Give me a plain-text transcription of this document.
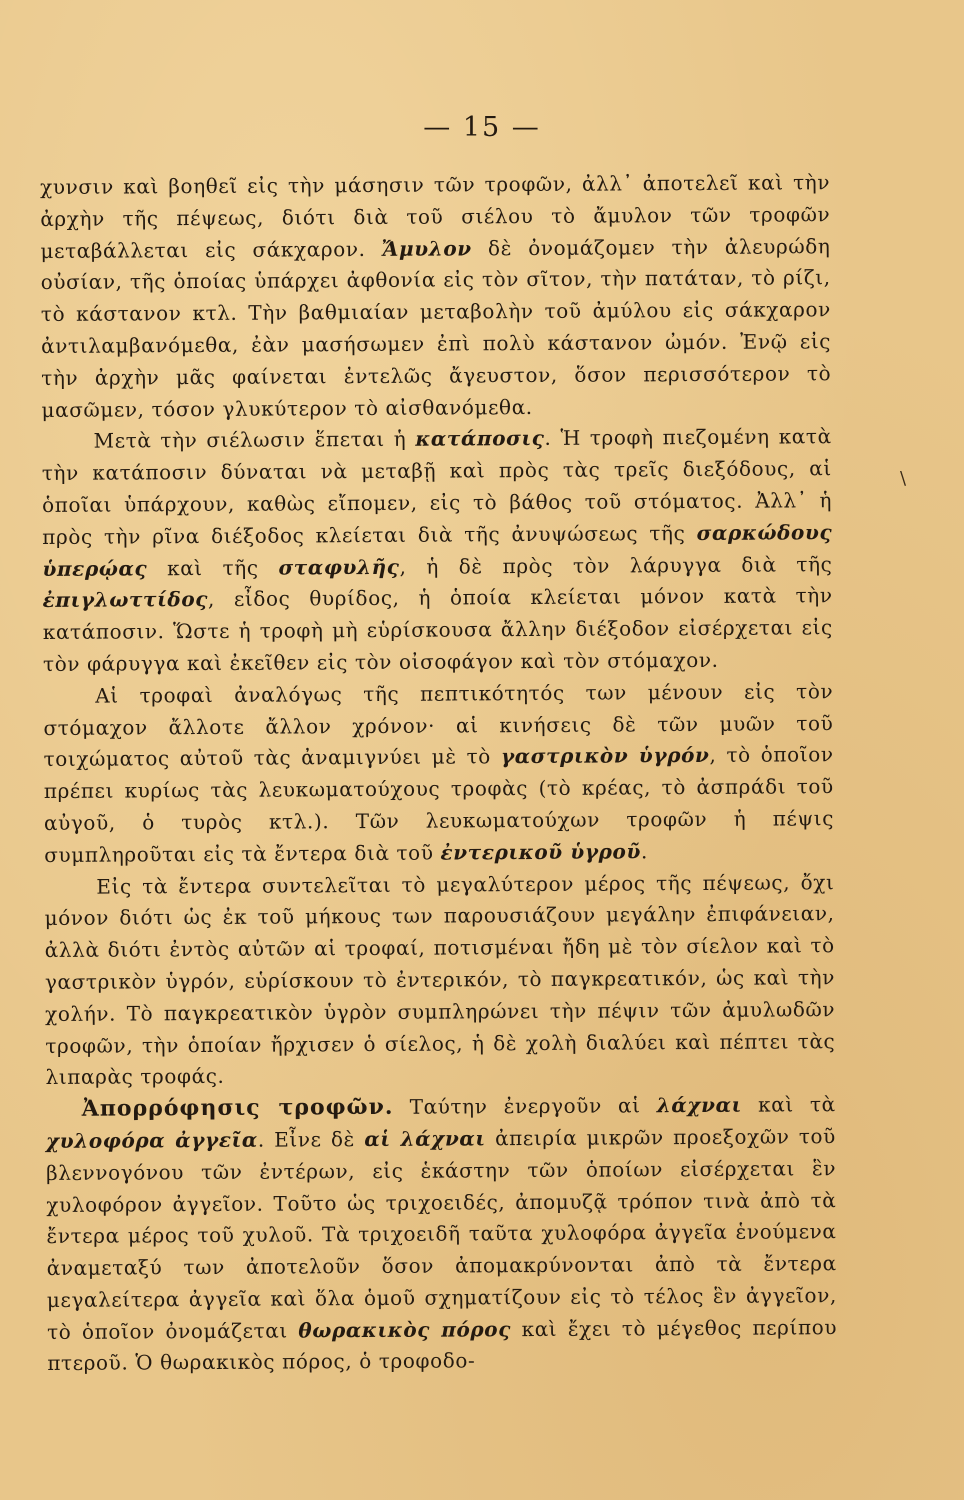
— 15 —
\

χυνσιν καὶ βοηθεῖ εἰς τὴν μάσησιν τῶν τροφῶν, ἀλλ᾿ ἀποτελεῖ καὶ τὴν ἀρχὴν τῆς πέψεως, διότι διὰ τοῦ σιέλου τὸ ἄμυλον τῶν τροφῶν μεταβάλλεται εἰς σάκχαρον. Ἄμυλον δὲ ὀνομάζομεν τὴν ἀλευρώδη οὐσίαν, τῆς ὁποίας ὑπάρχει ἀφθονία εἰς τὸν σῖτον, τὴν πατάταν, τὸ ρίζι, τὸ κάστανον κτλ. Τὴν βαθμιαίαν μεταβολὴν τοῦ ἀμύλου εἰς σάκχαρον ἀντιλαμβανόμεθα, ἐὰν μασήσωμεν ἐπὶ πολὺ κάστανον ὠμόν. Ἐνῷ εἰς τὴν ἀρχὴν μᾶς φαίνεται ἐντελῶς ἄγευστον, ὅσον περισσότερον τὸ μασῶμεν, τόσον γλυκύτερον τὸ αἰσθανόμεθα.

Μετὰ τὴν σιέλωσιν ἕπεται ἡ κατάποσις. Ἡ τροφὴ πιεζομένη κατὰ τὴν κατάποσιν δύναται νὰ μεταβῇ καὶ πρὸς τὰς τρεῖς διεξόδους, αἱ ὁποῖαι ὑπάρχουν, καθὼς εἴπομεν, εἰς τὸ βάθος τοῦ στόματος. Ἀλλ᾿ ἡ πρὸς τὴν ρῖνα διέξοδος κλείεται διὰ τῆς ἀνυψώσεως τῆς σαρκώδους ὑπερῴας καὶ τῆς σταφυλῆς, ἡ δὲ πρὸς τὸν λάρυγγα διὰ τῆς ἐπιγλωττίδος, εἶδος θυρίδος, ἡ ὁποία κλείεται μόνον κατὰ τὴν κατάποσιν. Ὥστε ἡ τροφὴ μὴ εὑρίσκουσα ἄλλην διέξοδον εἰσέρχεται εἰς τὸν φάρυγγα καὶ ἐκεῖθεν εἰς τὸν οἰσοφάγον καὶ τὸν στόμαχον.

Αἱ τροφαὶ ἀναλόγως τῆς πεπτικότητός των μένουν εἰς τὸν στόμαχον ἄλλοτε ἄλλον χρόνον· αἱ κινήσεις δὲ τῶν μυῶν τοῦ τοιχώματος αὐτοῦ τὰς ἀναμιγνύει μὲ τὸ γαστρικὸν ὑγρόν, τὸ ὁποῖον πρέπει κυρίως τὰς λευκωματούχους τροφὰς (τὸ κρέας, τὸ ἀσπράδι τοῦ αὐγοῦ, ὁ τυρὸς κτλ.). Τῶν λευκωματούχων τροφῶν ἡ πέψις συμπληροῦται εἰς τὰ ἔντερα διὰ τοῦ ἐντερικοῦ ὑγροῦ.

Εἰς τὰ ἔντερα συντελεῖται τὸ μεγαλύτερον μέρος τῆς πέψεως, ὄχι μόνον διότι ὡς ἐκ τοῦ μήκους των παρουσιάζουν μεγάλην ἐπιφάνειαν, ἀλλὰ διότι ἐντὸς αὐτῶν αἱ τροφαί, ποτισμέναι ἤδη μὲ τὸν σίελον καὶ τὸ γαστρικὸν ὑγρόν, εὑρίσκουν τὸ ἐντερικόν, τὸ παγκρεατικόν, ὡς καὶ τὴν χολήν. Τὸ παγκρεατικὸν ὑγρὸν συμπληρώνει τὴν πέψιν τῶν ἀμυλωδῶν τροφῶν, τὴν ὁποίαν ἤρχισεν ὁ σίελος, ἡ δὲ χολὴ διαλύει καὶ πέπτει τὰς λιπαρὰς τροφάς.

Ἀπορρόφησις τροφῶν. Ταύτην ἐνεργοῦν αἱ λάχναι καὶ τὰ χυλοφόρα ἀγγεῖα. Εἶνε δὲ αἱ λάχναι ἀπειρία μικρῶν προεξοχῶν τοῦ βλεννογόνου τῶν ἐντέρων, εἰς ἑκάστην τῶν ὁποίων εἰσέρχεται ἓν χυλοφόρον ἀγγεῖον. Τοῦτο ὡς τριχοειδές, ἀπομυζᾷ τρόπον τινὰ ἀπὸ τὰ ἔντερα μέρος τοῦ χυλοῦ. Τὰ τριχοειδῆ ταῦτα χυλοφόρα ἀγγεῖα ἑνούμενα ἀναμεταξύ των ἀποτελοῦν ὅσον ἀπομακρύνονται ἀπὸ τὰ ἔντερα μεγαλείτερα ἀγγεῖα καὶ ὅλα ὁμοῦ σχηματίζουν εἰς τὸ τέλος ἓν ἀγγεῖον, τὸ ὁποῖον ὀνομάζεται θωρακικὸς πόρος καὶ ἔχει τὸ μέγεθος περίπου πτεροῦ. Ὁ θωρακικὸς πόρος, ὁ τροφοδο-
